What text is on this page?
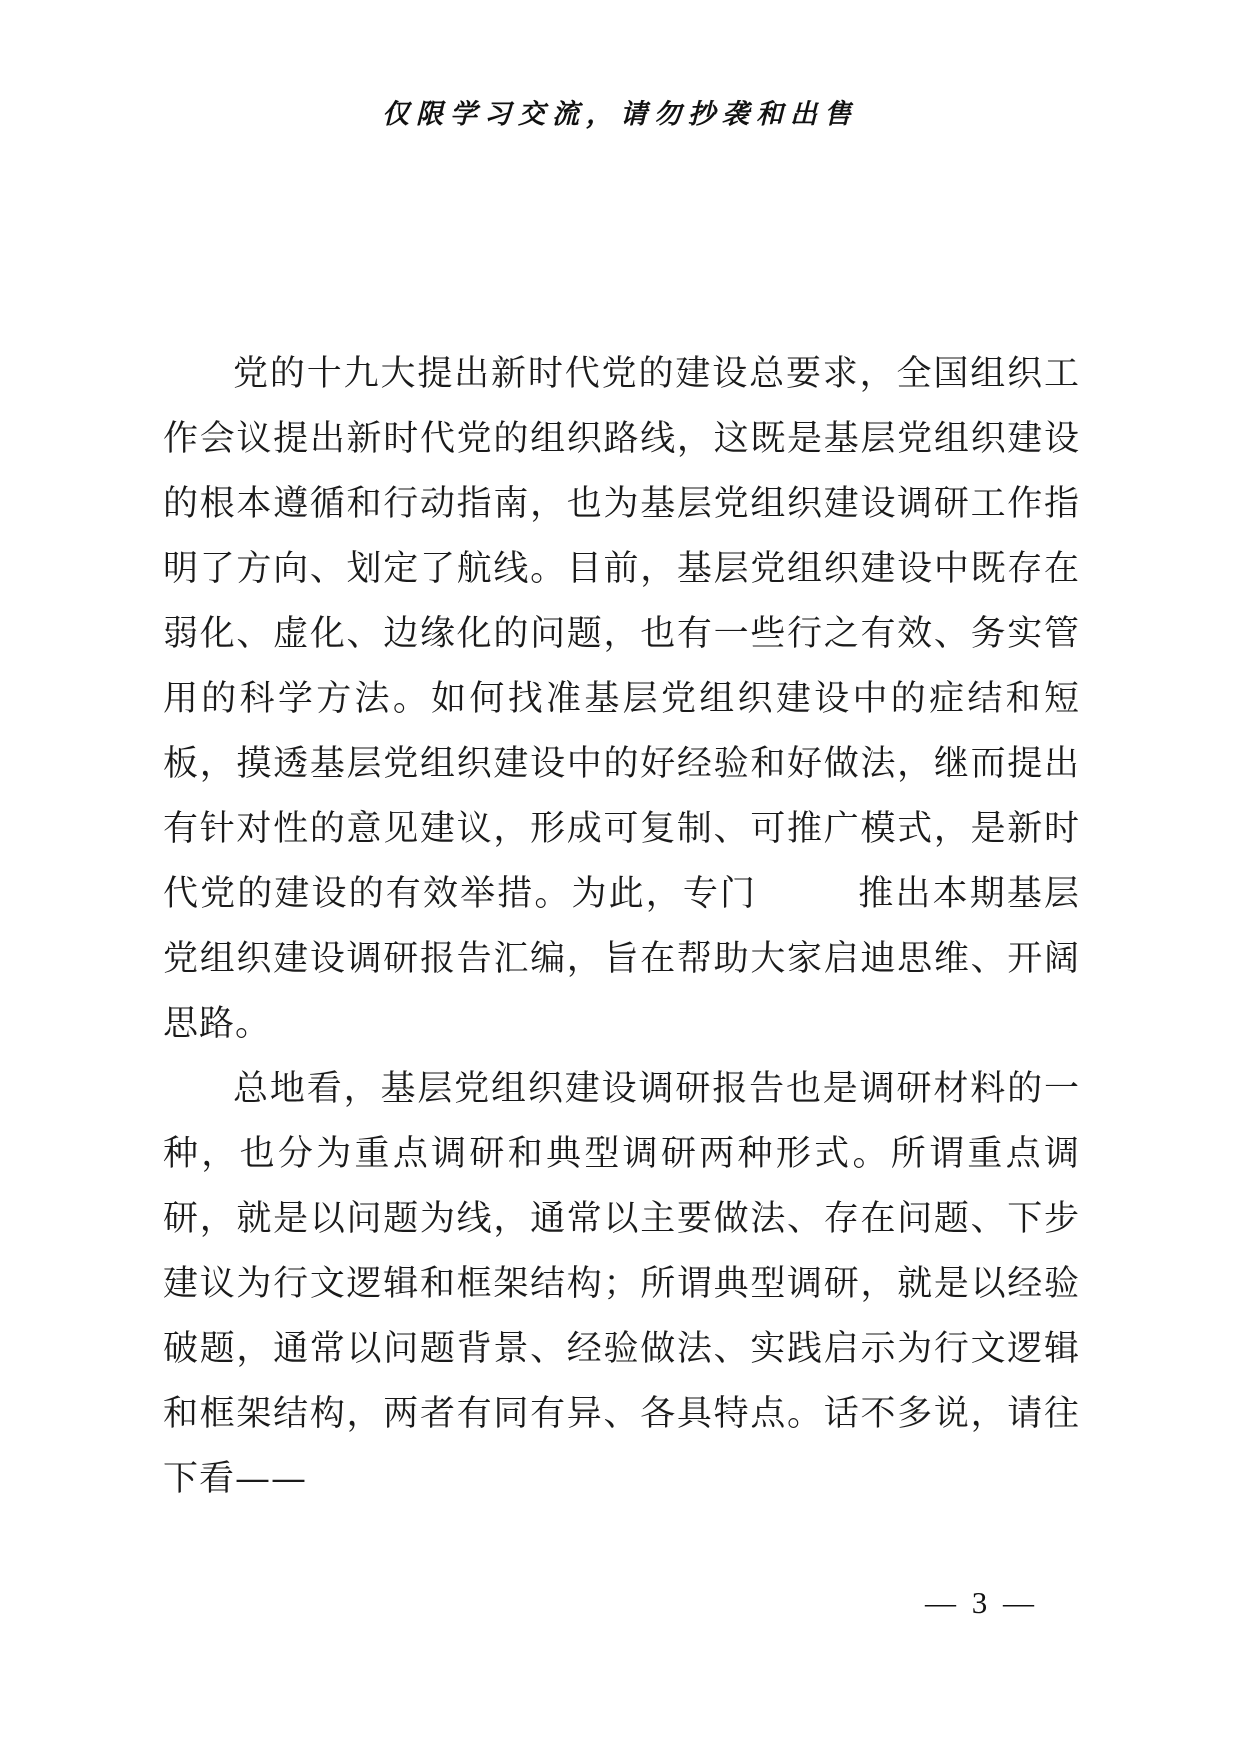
仅限学习交流，请勿抄袭和出售

党的十九大提出新时代党的建设总要求，全国组织工作会议提出新时代党的组织路线，这既是基层党组织建设的根本遵循和行动指南，也为基层党组织建设调研工作指明了方向、划定了航线。目前，基层党组织建设中既存在弱化、虚化、边缘化的问题，也有一些行之有效、务实管用的科学方法。如何找准基层党组织建设中的症结和短板，摸透基层党组织建设中的好经验和好做法，继而提出有针对性的意见建议，形成可复制、可推广模式，是新时代党的建设的有效举措。为此，专门	推出本期基层党组织建设调研报告汇编，旨在帮助大家启迪思维、开阔思路。

总地看，基层党组织建设调研报告也是调研材料的一种，也分为重点调研和典型调研两种形式。所谓重点调研，就是以问题为线，通常以主要做法、存在问题、下步建议为行文逻辑和框架结构；所谓典型调研，就是以经验破题，通常以问题背景、经验做法、实践启示为行文逻辑和框架结构，两者有同有异、各具特点。话不多说，请往下看——

— 3 —
